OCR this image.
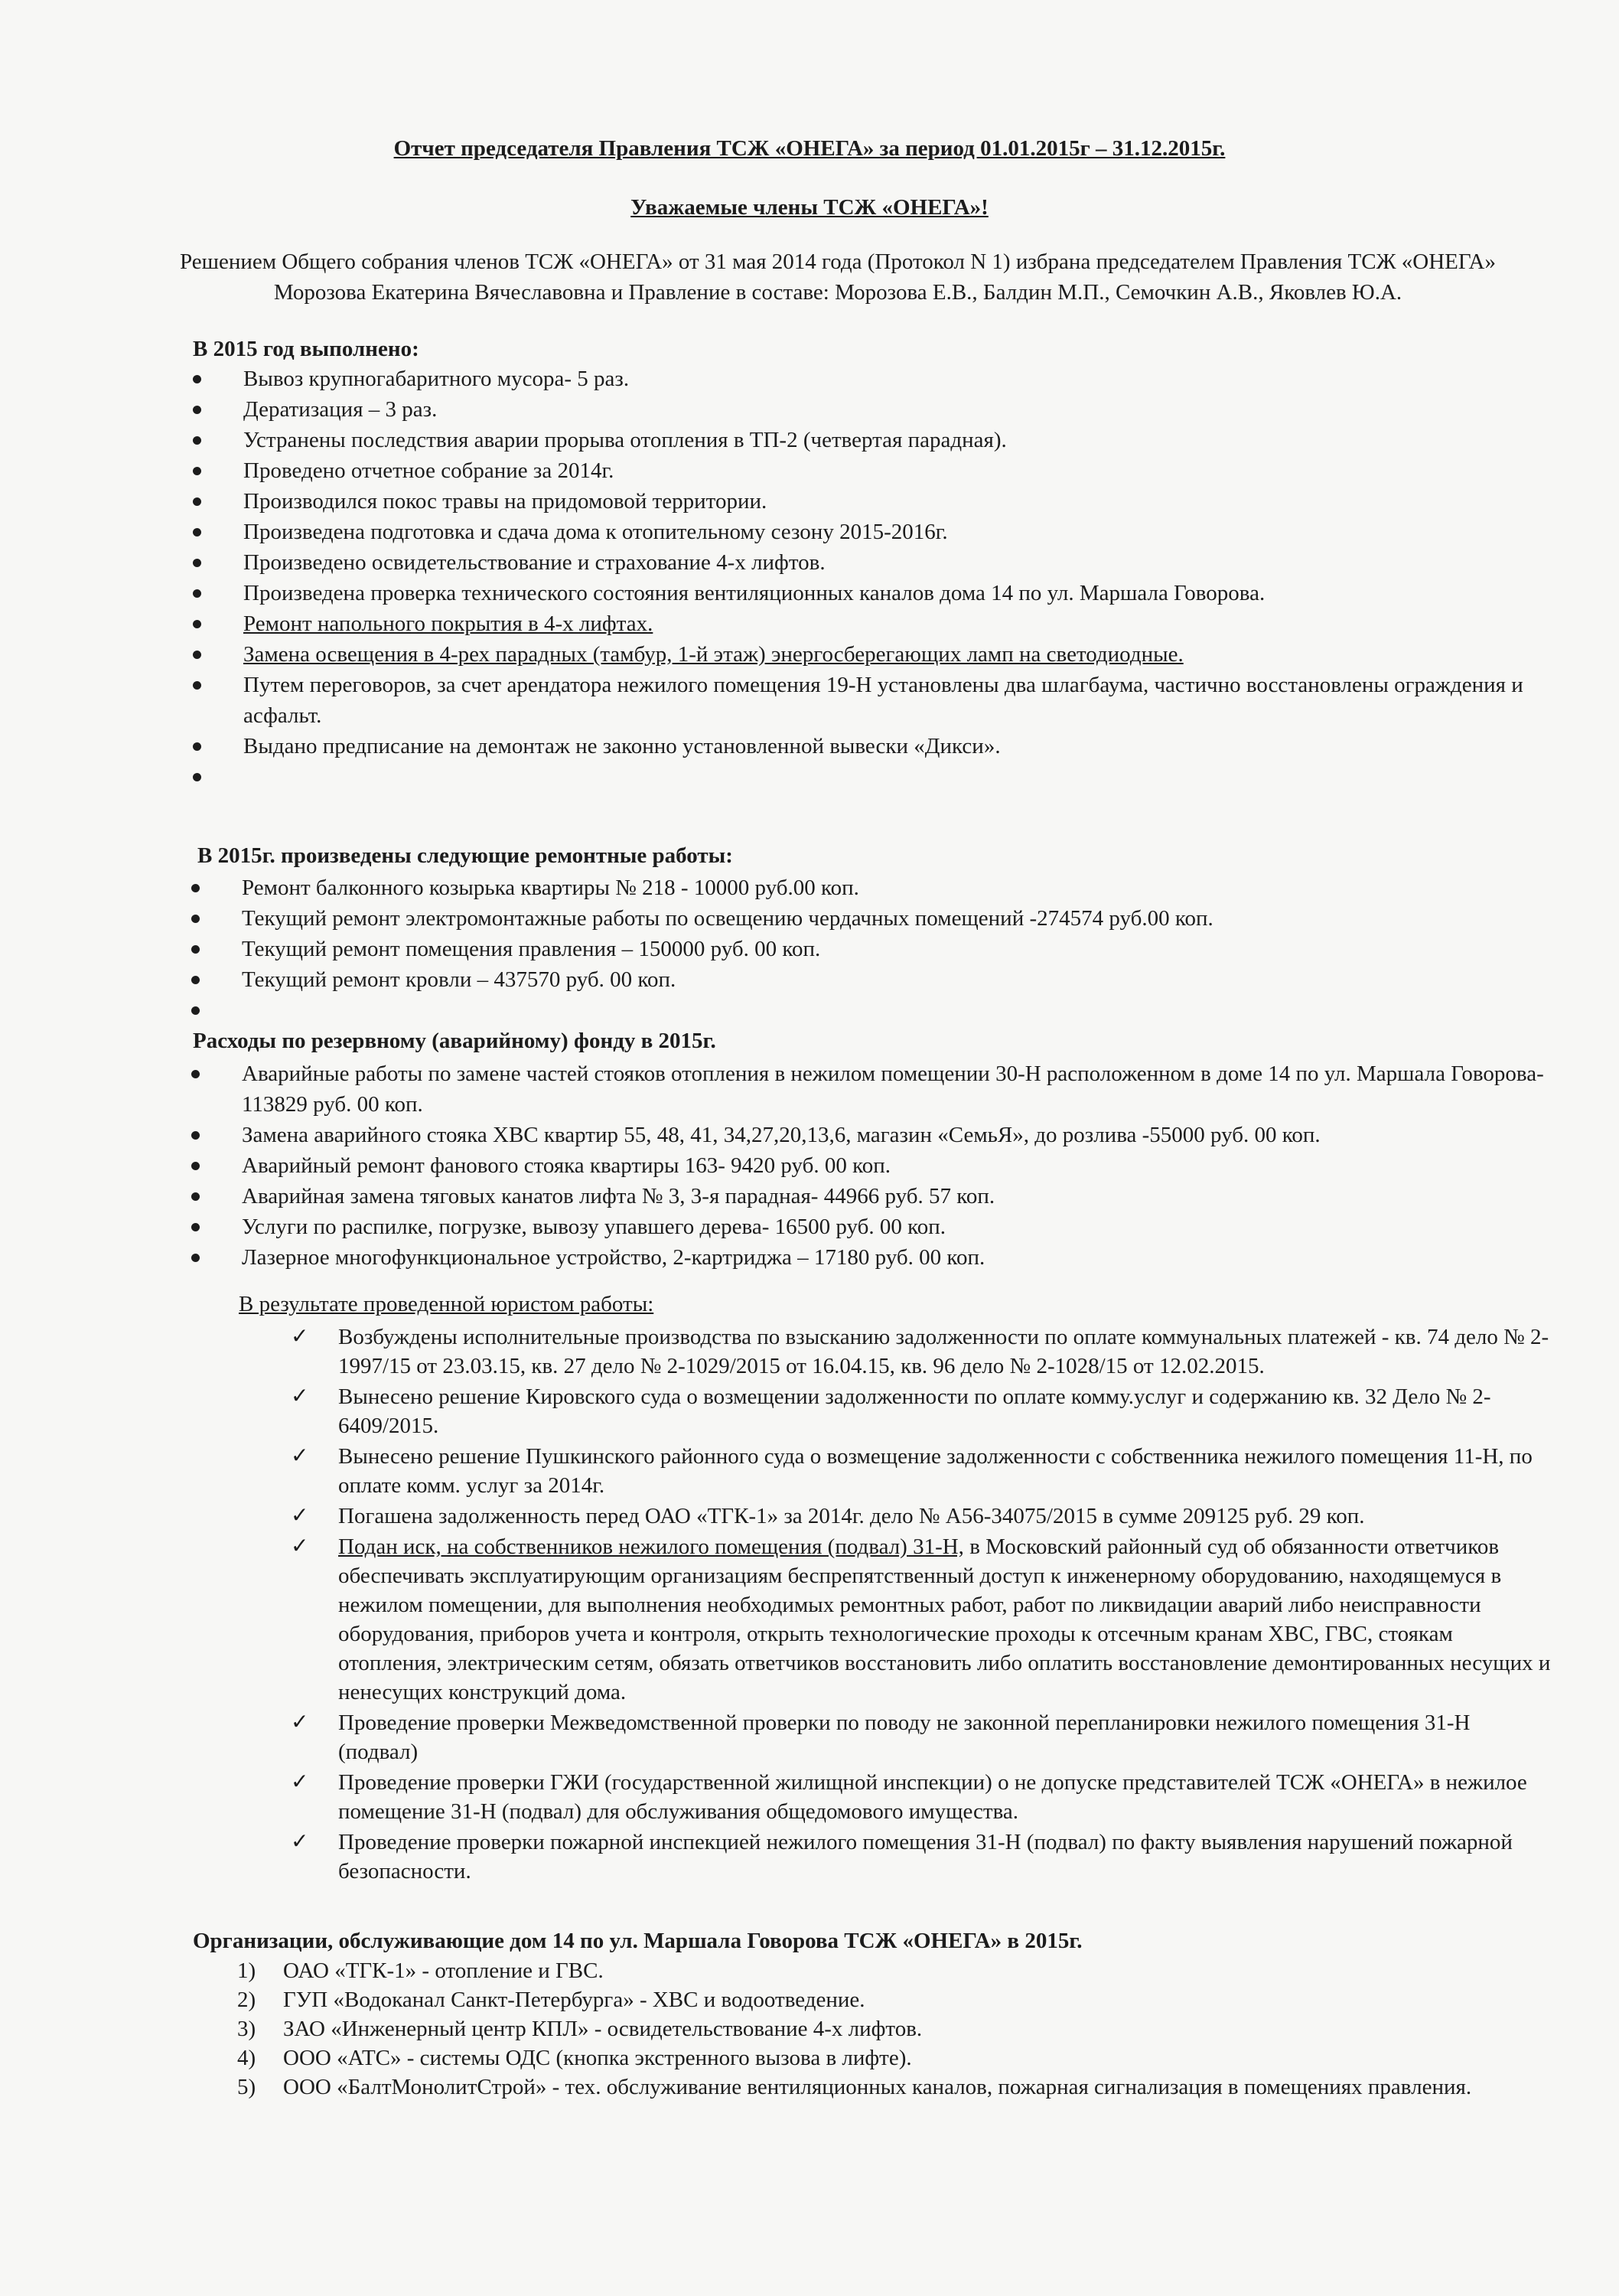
Отчет председателя Правления ТСЖ «ОНЕГА» за период 01.01.2015г – 31.12.2015г.
Уважаемые члены ТСЖ «ОНЕГА»!
Решением Общего собрания членов ТСЖ «ОНЕГА» от 31 мая 2014 года (Протокол N 1) избрана председателем Правления ТСЖ «ОНЕГА» Морозова Екатерина Вячеславовна и Правление в составе: Морозова Е.В., Балдин М.П., Семочкин А.В., Яковлев Ю.А.
В 2015 год выполнено:
Вывоз крупногабаритного мусора- 5 раз.
Дератизация – 3 раз.
Устранены последствия аварии прорыва отопления в ТП-2 (четвертая парадная).
Проведено отчетное собрание за 2014г.
Производился покос травы на придомовой территории.
Произведена подготовка и сдача дома к отопительному сезону 2015-2016г.
Произведено освидетельствование и страхование 4-х лифтов.
Произведена проверка технического состояния вентиляционных каналов дома 14 по ул. Маршала Говорова.
Ремонт напольного покрытия в 4-х лифтах.
Замена освещения в 4-рех парадных (тамбур, 1-й этаж) энергосберегающих ламп на светодиодные.
Путем переговоров, за счет арендатора нежилого помещения 19-Н установлены два шлагбаума, частично восстановлены ограждения и асфальт.
Выдано предписание на демонтаж не законно установленной вывески «Дикси».
В 2015г. произведены следующие ремонтные работы:
Ремонт балконного козырька квартиры № 218 - 10000 руб.00 коп.
Текущий ремонт электромонтажные работы по освещению чердачных помещений -274574 руб.00 коп.
Текущий ремонт помещения правления – 150000 руб. 00 коп.
Текущий ремонт кровли – 437570 руб. 00 коп.
Расходы по резервному (аварийному) фонду в 2015г.
Аварийные работы по замене частей стояков отопления в нежилом помещении 30-Н расположенном в доме 14 по ул. Маршала Говорова- 113829 руб. 00 коп.
Замена аварийного стояка ХВС квартир 55, 48, 41, 34,27,20,13,6, магазин «СемьЯ», до розлива -55000 руб. 00 коп.
Аварийный ремонт фанового стояка квартиры 163- 9420 руб. 00 коп.
Аварийная замена тяговых канатов лифта № 3, 3-я парадная- 44966 руб. 57 коп.
Услуги по распилке, погрузке, вывозу упавшего дерева- 16500 руб. 00 коп.
Лазерное многофункциональное устройство, 2-картриджа – 17180 руб. 00 коп.
В результате проведенной юристом работы:
✓ Возбуждены исполнительные производства по взысканию задолженности по оплате коммунальных платежей - кв. 74 дело № 2-1997/15 от 23.03.15, кв. 27 дело № 2-1029/2015 от 16.04.15, кв. 96 дело № 2-1028/15 от 12.02.2015.
✓ Вынесено решение Кировского суда о возмещении задолженности по оплате комму.услуг и содержанию кв. 32 Дело № 2-6409/2015.
✓ Вынесено решение Пушкинского районного суда о возмещение задолженности с собственника нежилого помещения 11-Н, по оплате комм. услуг за 2014г.
✓ Погашена задолженность перед ОАО «ТГК-1» за 2014г. дело № А56-34075/2015 в сумме 209125 руб. 29 коп.
✓ Подан иск, на собственников нежилого помещения (подвал) 31-Н, в Московский районный суд об обязанности ответчиков обеспечивать эксплуатирующим организациям беспрепятственный доступ к инженерному оборудованию, находящемуся в нежилом помещении, для выполнения необходимых ремонтных работ, работ по ликвидации аварий либо неисправности оборудования, приборов учета и контроля, открыть технологические проходы к отсечным кранам ХВС, ГВС, стоякам отопления, электрическим сетям, обязать ответчиков восстановить либо оплатить восстановление демонтированных несущих и ненесущих конструкций дома.
✓ Проведение проверки Межведомственной проверки по поводу не законной перепланировки нежилого помещения 31-Н (подвал)
✓ Проведение проверки ГЖИ (государственной жилищной инспекции) о не допуске представителей ТСЖ «ОНЕГА» в нежилое помещение 31-Н (подвал) для обслуживания общедомового имущества.
✓ Проведение проверки пожарной инспекцией нежилого помещения 31-Н (подвал) по факту выявления нарушений пожарной безопасности.
Организации, обслуживающие дом 14 по ул. Маршала Говорова ТСЖ «ОНЕГА» в 2015г.
1) ОАО «ТГК-1» - отопление и ГВС.
2) ГУП «Водоканал Санкт-Петербурга» - ХВС и водоотведение.
3) ЗАО «Инженерный центр КПЛ» - освидетельствование 4-х лифтов.
4) ООО «АТС» - системы ОДС (кнопка экстренного вызова в лифте).
5) ООО «БалтМонолитСтрой» - тех. обслуживание вентиляционных каналов, пожарная сигнализация в помещениях правления.
